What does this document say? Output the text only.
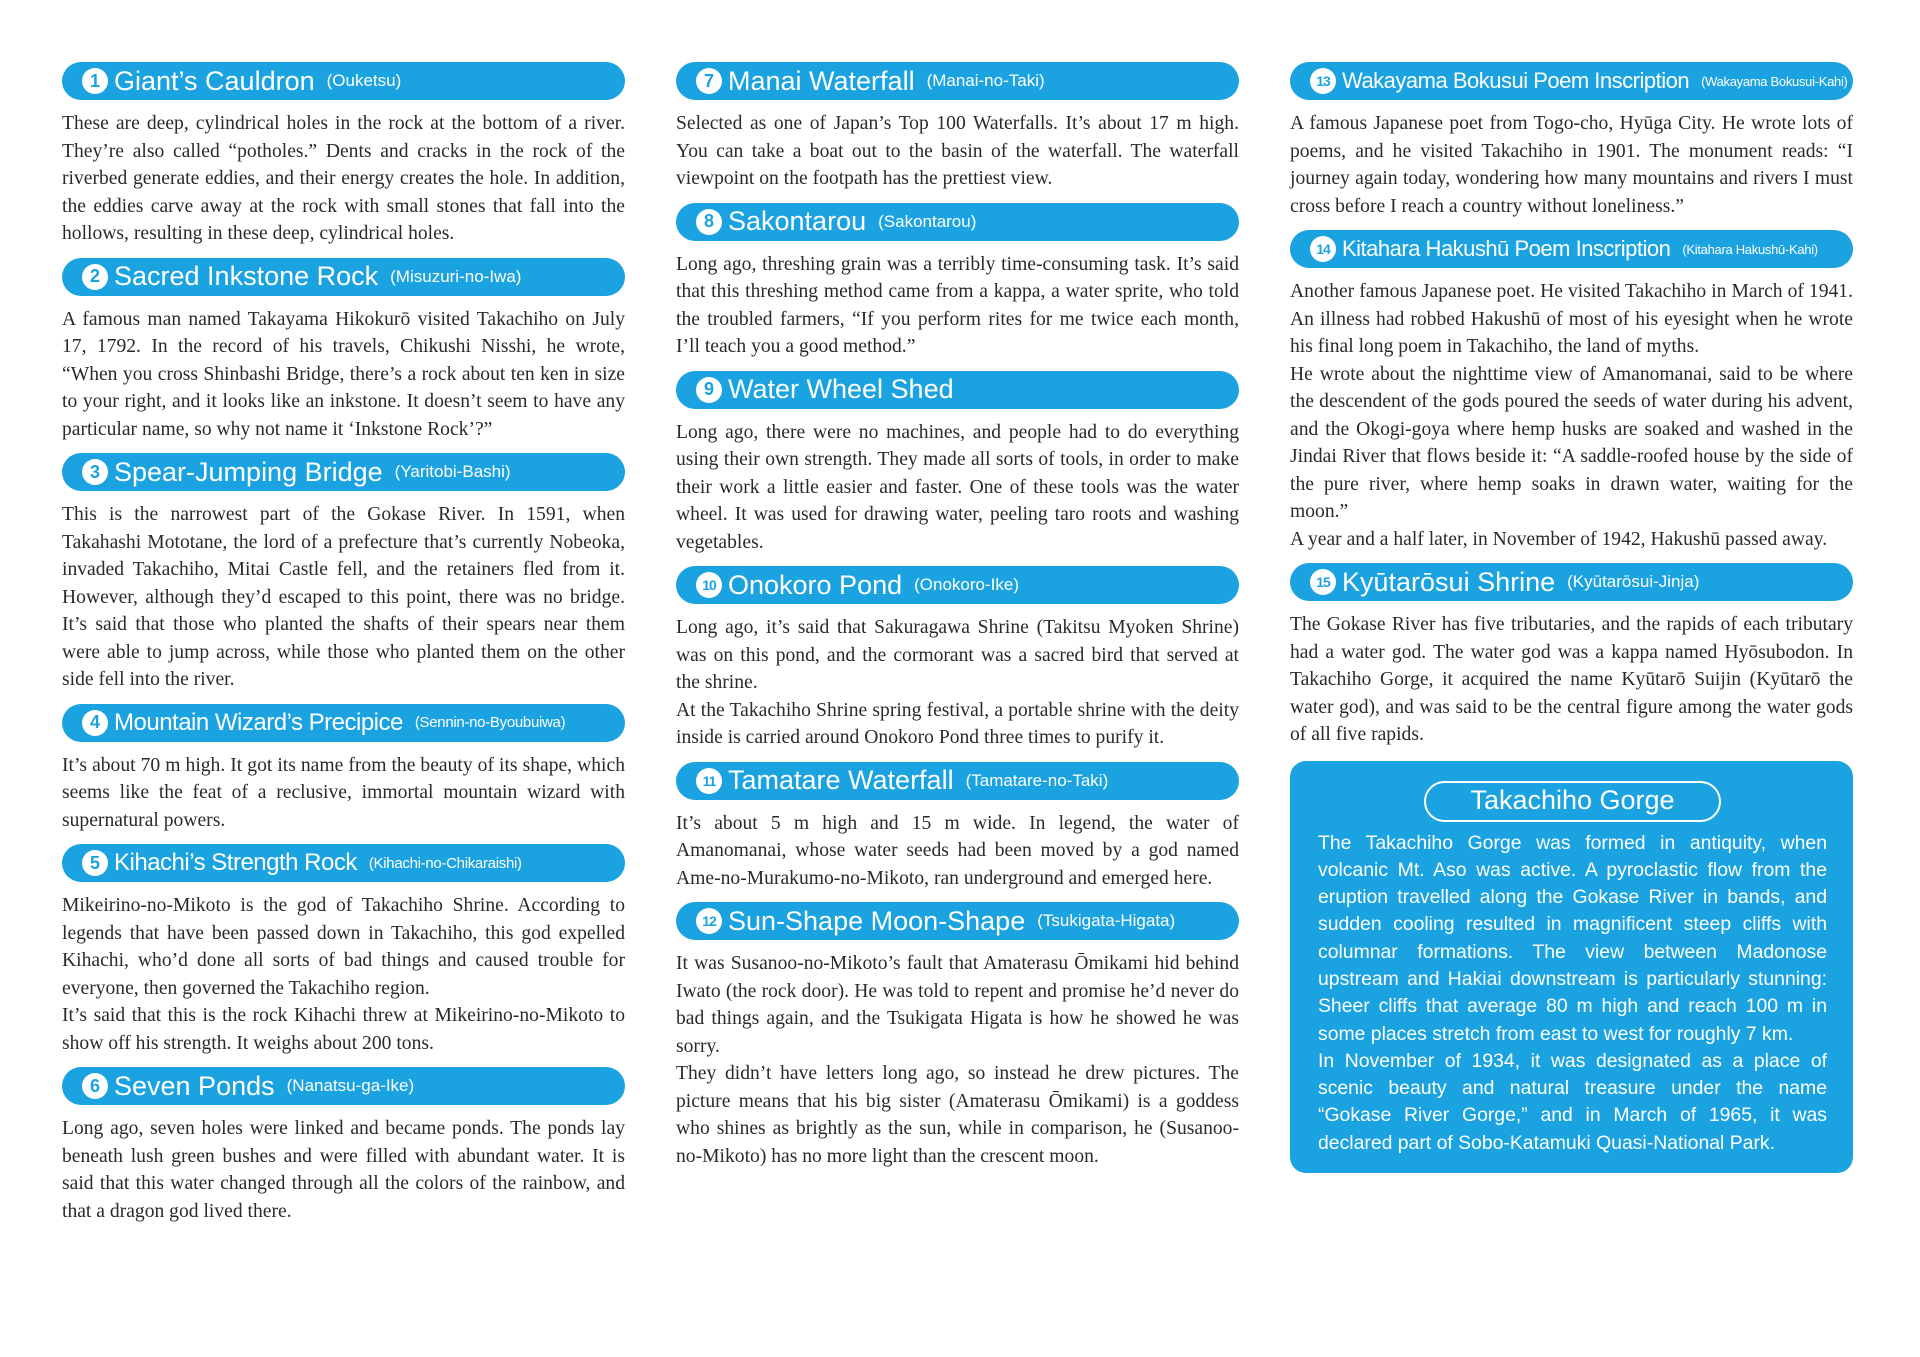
1 Giant’s Cauldron (Ouketsu)

These are deep, cylindrical holes in the rock at the bottom of a river. They’re also called “potholes.” Dents and cracks in the rock of the riverbed generate eddies, and their energy creates the hole. In addition, the eddies carve away at the rock with small stones that fall into the hollows, resulting in these deep, cylindrical holes.

2 Sacred Inkstone Rock (Misuzuri-no-Iwa)

A famous man named Takayama Hikokurō visited Takachiho on July 17, 1792. In the record of his travels, Chikushi Nisshi, he wrote, “When you cross Shinbashi Bridge, there’s a rock about ten ken in size to your right, and it looks like an inkstone. It doesn’t seem to have any particular name, so why not name it ‘Inkstone Rock’?”

3 Spear-Jumping Bridge (Yaritobi-Bashi)

This is the narrowest part of the Gokase River. In 1591, when Takahashi Mototane, the lord of a prefecture that’s currently Nobeoka, invaded Takachiho, Mitai Castle fell, and the retainers fled from it. However, although they’d escaped to this point, there was no bridge. It’s said that those who planted the shafts of their spears near them were able to jump across, while those who planted them on the other side fell into the river.

4 Mountain Wizard’s Precipice (Sennin-no-Byoubuiwa)

It’s about 70 m high. It got its name from the beauty of its shape, which seems like the feat of a reclusive, immortal mountain wizard with supernatural powers.

5 Kihachi’s Strength Rock (Kihachi-no-Chikaraishi)

Mikeirino-no-Mikoto is the god of Takachiho Shrine. According to legends that have been passed down in Takachiho, this god expelled Kihachi, who’d done all sorts of bad things and caused trouble for everyone, then governed the Takachiho region.

It’s said that this is the rock Kihachi threw at Mikeirino-no-Mikoto to show off his strength. It weighs about 200 tons.

6 Seven Ponds (Nanatsu-ga-Ike)

Long ago, seven holes were linked and became ponds. The ponds lay beneath lush green bushes and were filled with abundant water. It is said that this water changed through all the colors of the rainbow, and that a dragon god lived there.

7 Manai Waterfall (Manai-no-Taki)

Selected as one of Japan’s Top 100 Waterfalls. It’s about 17 m high. You can take a boat out to the basin of the waterfall. The waterfall viewpoint on the footpath has the prettiest view.

8 Sakontarou (Sakontarou)

Long ago, threshing grain was a terribly time-consuming task. It’s said that this threshing method came from a kappa, a water sprite, who told the troubled farmers, “If you perform rites for me twice each month, I’ll teach you a good method.”

9 Water Wheel Shed

Long ago, there were no machines, and people had to do everything using their own strength. They made all sorts of tools, in order to make their work a little easier and faster. One of these tools was the water wheel. It was used for drawing water, peeling taro roots and washing vegetables.

10 Onokoro Pond (Onokoro-Ike)

Long ago, it’s said that Sakuragawa Shrine (Takitsu Myoken Shrine) was on this pond, and the cormorant was a sacred bird that served at the shrine.

At the Takachiho Shrine spring festival, a portable shrine with the deity inside is carried around Onokoro Pond three times to purify it.

11 Tamatare Waterfall (Tamatare-no-Taki)

It’s about 5 m high and 15 m wide. In legend, the water of Amanomanai, whose water seeds had been moved by a god named Ame-no-Murakumo-no-Mikoto, ran underground and emerged here.

12 Sun-Shape Moon-Shape (Tsukigata-Higata)

It was Susanoo-no-Mikoto’s fault that Amaterasu Ōmikami hid behind Iwato (the rock door). He was told to repent and promise he’d never do bad things again, and the Tsukigata Higata is how he showed he was sorry.

They didn’t have letters long ago, so instead he drew pictures. The picture means that his big sister (Amaterasu Ōmikami) is a goddess who shines as brightly as the sun, while in comparison, he (Susanoo-no-Mikoto) has no more light than the crescent moon.

13 Wakayama Bokusui Poem Inscription (Wakayama Bokusui-Kahi)

A famous Japanese poet from Togo-cho, Hyūga City. He wrote lots of poems, and he visited Takachiho in 1901. The monument reads: “I journey again today, wondering how many mountains and rivers I must cross before I reach a country without loneliness.”

14 Kitahara Hakushū Poem Inscription (Kitahara Hakushū-Kahi)

Another famous Japanese poet. He visited Takachiho in March of 1941. An illness had robbed Hakushū of most of his eyesight when he wrote his final long poem in Takachiho, the land of myths.

He wrote about the nighttime view of Amanomanai, said to be where the descendent of the gods poured the seeds of water during his advent, and the Okogi-goya where hemp husks are soaked and washed in the Jindai River that flows beside it: “A saddle-roofed house by the side of the pure river, where hemp soaks in drawn water, waiting for the moon.”

A year and a half later, in November of 1942, Hakushū passed away.

15 Kyūtarōsui Shrine (Kyūtarōsui-Jinja)

The Gokase River has five tributaries, and the rapids of each tributary had a water god. The water god was a kappa named Hyōsubodon. In Takachiho Gorge, it acquired the name Kyūtarō Suijin (Kyūtarō the water god), and was said to be the central figure among the water gods of all five rapids.

Takachiho Gorge

The Takachiho Gorge was formed in antiquity, when volcanic Mt. Aso was active. A pyroclastic flow from the eruption travelled along the Gokase River in bands, and sudden cooling resulted in magnificent steep cliffs with columnar formations. The view between Madonose upstream and Hakiai downstream is particularly stunning: Sheer cliffs that average 80 m high and reach 100 m in some places stretch from east to west for roughly 7 km.

In November of 1934, it was designated as a place of scenic beauty and natural treasure under the name “Gokase River Gorge,” and in March of 1965, it was declared part of Sobo-Katamuki Quasi-National Park.
